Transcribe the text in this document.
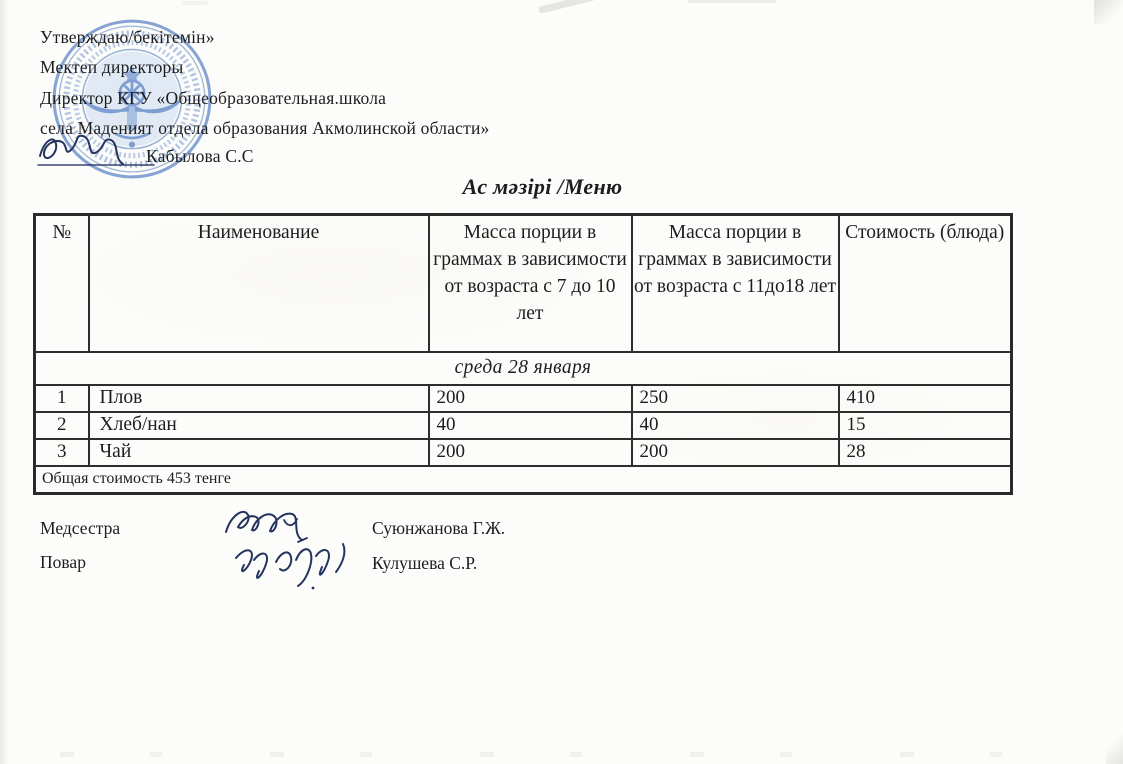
Утверждаю/бекітемін»
Мектеп директоры
Директор КГУ «Общеобразовательная.школа
села Маденият отдела образования Акмолинской области»
Кабылова С.С
Ас мәзірі /Меню
№	Наименование	Масса порции в граммах в зависимости от возраста с 7 до 10 лет	Масса порции в граммах в зависимости от возраста с 11до18 лет	Стоимость (блюда)
среда 28 января				
1	Плов	200	250	410
2	Хлеб/нан	40	40	15
3	Чай	200	200	28
Общая стоимость 453 тенге				
Медсестра	Суюнжанова Г.Ж.
Повар	Кулушева С.Р.
